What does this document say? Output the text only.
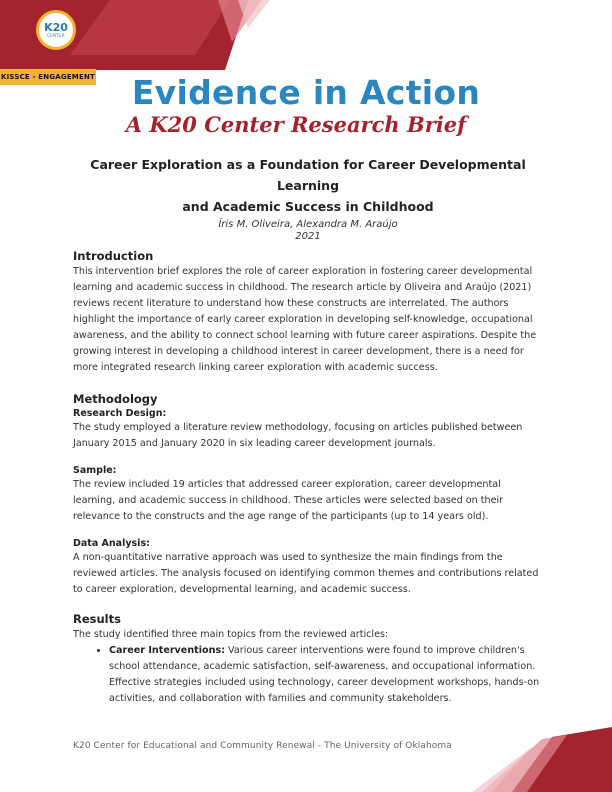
K20
CENTER
KISSCE - ENGAGEMENT	Evidence in Action
A K20 Center Research Brief
Career Exploration as a Foundation for Career Developmental Learning
and Academic Success in Childhood
Íris M. Oliveira, Alexandra M. Araújo
2021
Introduction

This intervention brief explores the role of career exploration in fostering career developmental learning and academic success in childhood. The research article by Oliveira and Araújo (2021) reviews recent literature to understand how these constructs are interrelated. The authors highlight the importance of early career exploration in developing self-knowledge, occupational awareness, and the ability to connect school learning with future career aspirations. Despite the growing interest in developing a childhood interest in career development, there is a need for more integrated research linking career exploration with academic success.

Methodology
Research Design:

The study employed a literature review methodology, focusing on articles published between January 2015 and January 2020 in six leading career development journals.

Sample:

The review included 19 articles that addressed career exploration, career developmental learning, and academic success in childhood. These articles were selected based on their relevance to the constructs and the age range of the participants (up to 14 years old).

Data Analysis:

A non-quantitative narrative approach was used to synthesize the main findings from the reviewed articles. The analysis focused on identifying common themes and contributions related to career exploration, developmental learning, and academic success.

Results

The study identified three main topics from the reviewed articles:

• Career Interventions: Various career interventions were found to improve children's school attendance, academic satisfaction, self-awareness, and occupational information. Effective strategies included using technology, career development workshops, hands-on activities, and collaboration with families and community stakeholders.
K20 Center for Educational and Community Renewal - The University of Oklahoma
